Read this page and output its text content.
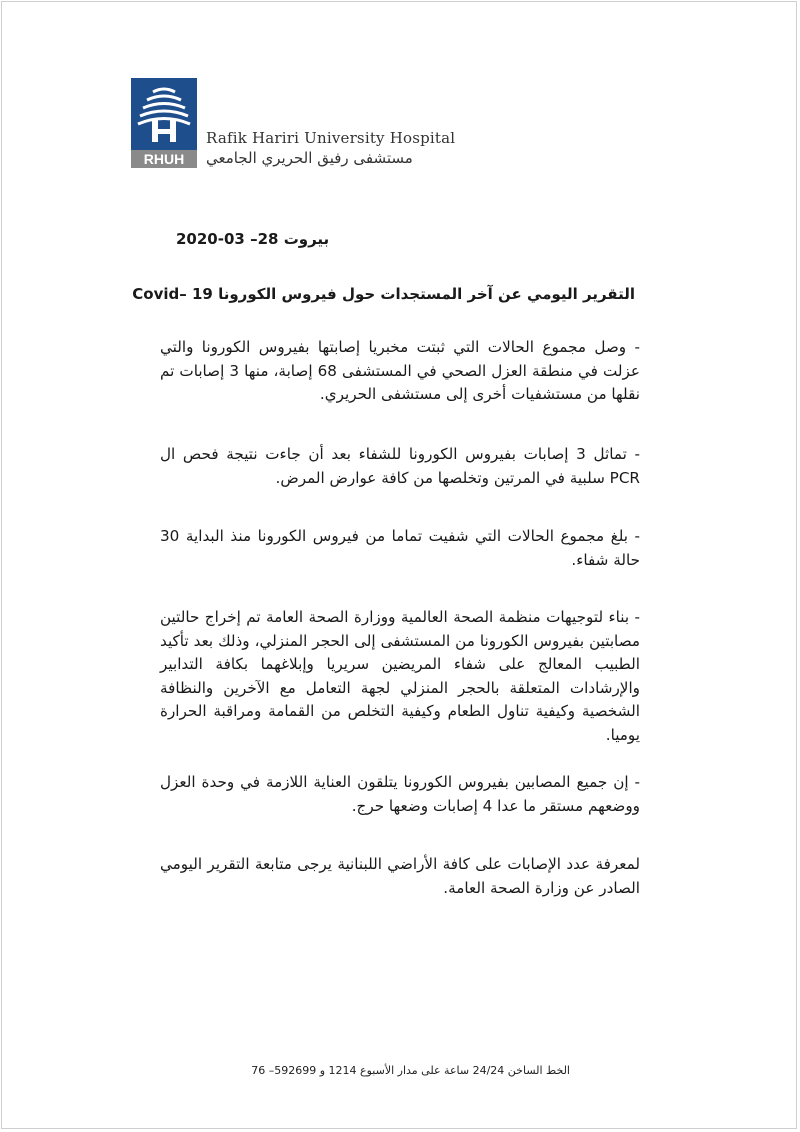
RHUH
Rafik Hariri University Hospital
مستشفى رفيق الحريري الجامعي
بيروت 28– 03-2020
التقرير اليومي عن آخر المستجدات حول فيروس الكورونا 19 –Covid

- وصل مجموع الحالات التي ثبتت مخبريا إصابتها بفيروس الكورونا والتي عزلت في منطقة العزل الصحي في المستشفى 68 إصابة، منها 3 إصابات تم نقلها من مستشفيات أخرى إلى مستشفى الحريري.

- تماثل 3 إصابات بفيروس الكورونا للشفاء بعد أن جاءت نتيجة فحص ال PCR سلبية في المرتين وتخلصها من كافة عوارض المرض.

- بلغ مجموع الحالات التي شفيت تماما من فيروس الكورونا منذ البداية 30 حالة شفاء.

- بناء لتوجيهات منظمة الصحة العالمية ووزارة الصحة العامة تم إخراج حالتين مصابتين بفيروس الكورونا من المستشفى إلى الحجر المنزلي، وذلك بعد تأكيد الطبيب المعالج على شفاء المريضين سريريا وإبلاغهما بكافة التدابير والإرشادات المتعلقة بالحجر المنزلي لجهة التعامل مع الآخرين والنظافة الشخصية وكيفية تناول الطعام وكيفية التخلص من القمامة ومراقبة الحرارة يوميا.

- إن جميع المصابين بفيروس الكورونا يتلقون العناية اللازمة في وحدة العزل ووضعهم مستقر ما عدا 4 إصابات وضعها حرج.

لمعرفة عدد الإصابات على كافة الأراضي اللبنانية يرجى متابعة التقرير اليومي الصادر عن وزارة الصحة العامة.

الخط الساخن 24/24 ساعة على مدار الأسبوع 1214 و 592699– 76
